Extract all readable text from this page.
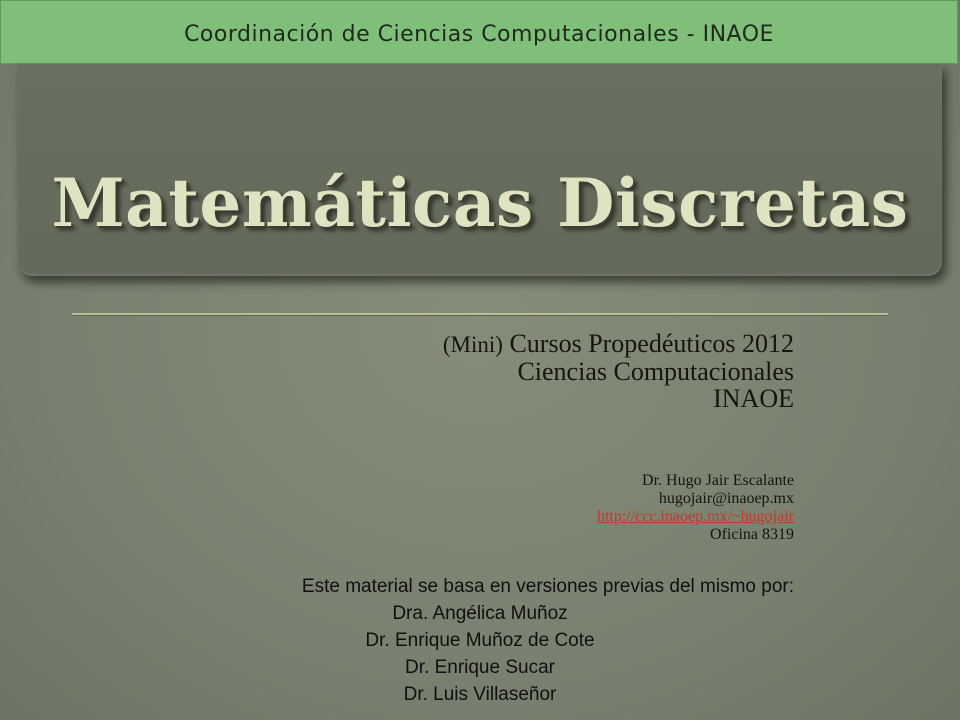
Coordinación de Ciencias Computacionales - INAOE
Matemáticas Discretas
(Mini) Cursos Propedéuticos 2012
Ciencias Computacionales
INAOE
Dr. Hugo Jair Escalante
hugojair@inaoep.mx
http://ccc.inaoep.mx/~hugojair
Oficina 8319
Este material se basa en versiones previas del mismo por:
Dra. Angélica Muñoz
Dr. Enrique Muñoz de Cote
Dr. Enrique Sucar
Dr. Luis Villaseñor
